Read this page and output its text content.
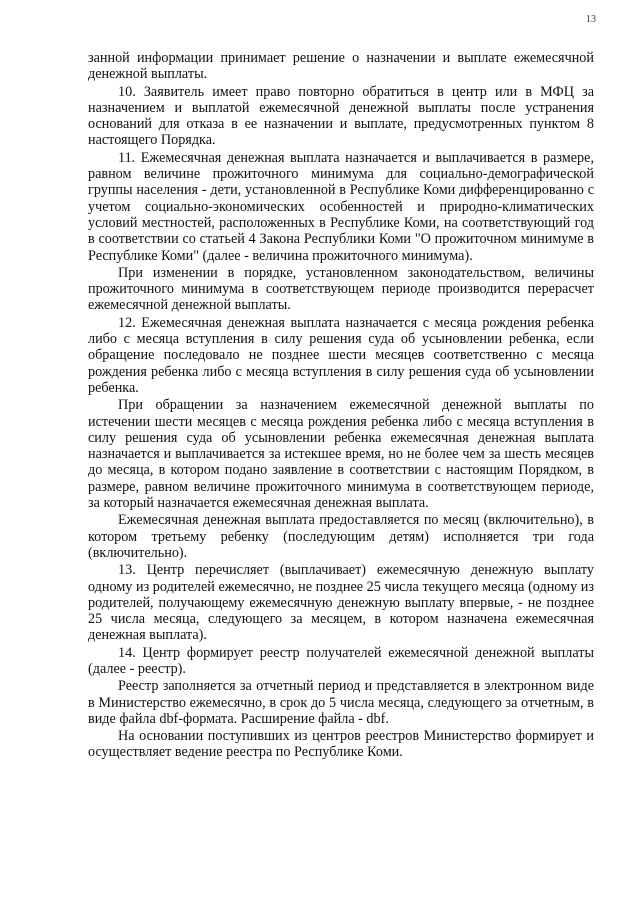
13

занной информации принимает решение о назначении и выплате ежемесячной денежной выплаты.

10. Заявитель имеет право повторно обратиться в центр или в МФЦ за назначением и выплатой ежемесячной денежной выплаты после устранения оснований для отказа в ее назначении и выплате, предусмотренных пунктом 8 настоящего Порядка.

11. Ежемесячная денежная выплата назначается и выплачивается в размере, равном величине прожиточного минимума для социально-демографической группы населения - дети, установленной в Республике Коми дифференцированно с учетом социально-экономических особенностей и природно-климатических условий местностей, расположенных в Республике Коми, на соответствующий год в соответствии со статьей 4 Закона Республики Коми "О прожиточном минимуме в Республике Коми" (далее - величина прожиточного минимума).

При изменении в порядке, установленном законодательством, величины прожиточного минимума в соответствующем периоде производится перерасчет ежемесячной денежной выплаты.

12. Ежемесячная денежная выплата назначается с месяца рождения ребенка либо с месяца вступления в силу решения суда об усыновлении ребенка, если обращение последовало не позднее шести месяцев соответственно с месяца рождения ребенка либо с месяца вступления в силу решения суда об усыновлении ребенка.

При обращении за назначением ежемесячной денежной выплаты по истечении шести месяцев с месяца рождения ребенка либо с месяца вступления в силу решения суда об усыновлении ребенка ежемесячная денежная выплата назначается и выплачивается за истекшее время, но не более чем за шесть месяцев до месяца, в котором подано заявление в соответствии с настоящим Порядком, в размере, равном величине прожиточного минимума в соответствующем периоде, за который назначается ежемесячная денежная выплата.

Ежемесячная денежная выплата предоставляется по месяц (включительно), в котором третьему ребенку (последующим детям) исполняется три года (включительно).

13. Центр перечисляет (выплачивает) ежемесячную денежную выплату одному из родителей ежемесячно, не позднее 25 числа текущего месяца (одному из родителей, получающему ежемесячную денежную выплату впервые, - не позднее 25 числа месяца, следующего за месяцем, в котором назначена ежемесячная денежная выплата).

14. Центр формирует реестр получателей ежемесячной денежной выплаты (далее - реестр).

Реестр заполняется за отчетный период и представляется в электронном виде в Министерство ежемесячно, в срок до 5 числа месяца, следующего за отчетным, в виде файла dbf-формата. Расширение файла - dbf.

На основании поступивших из центров реестров Министерство формирует и осуществляет ведение реестра по Республике Коми.
